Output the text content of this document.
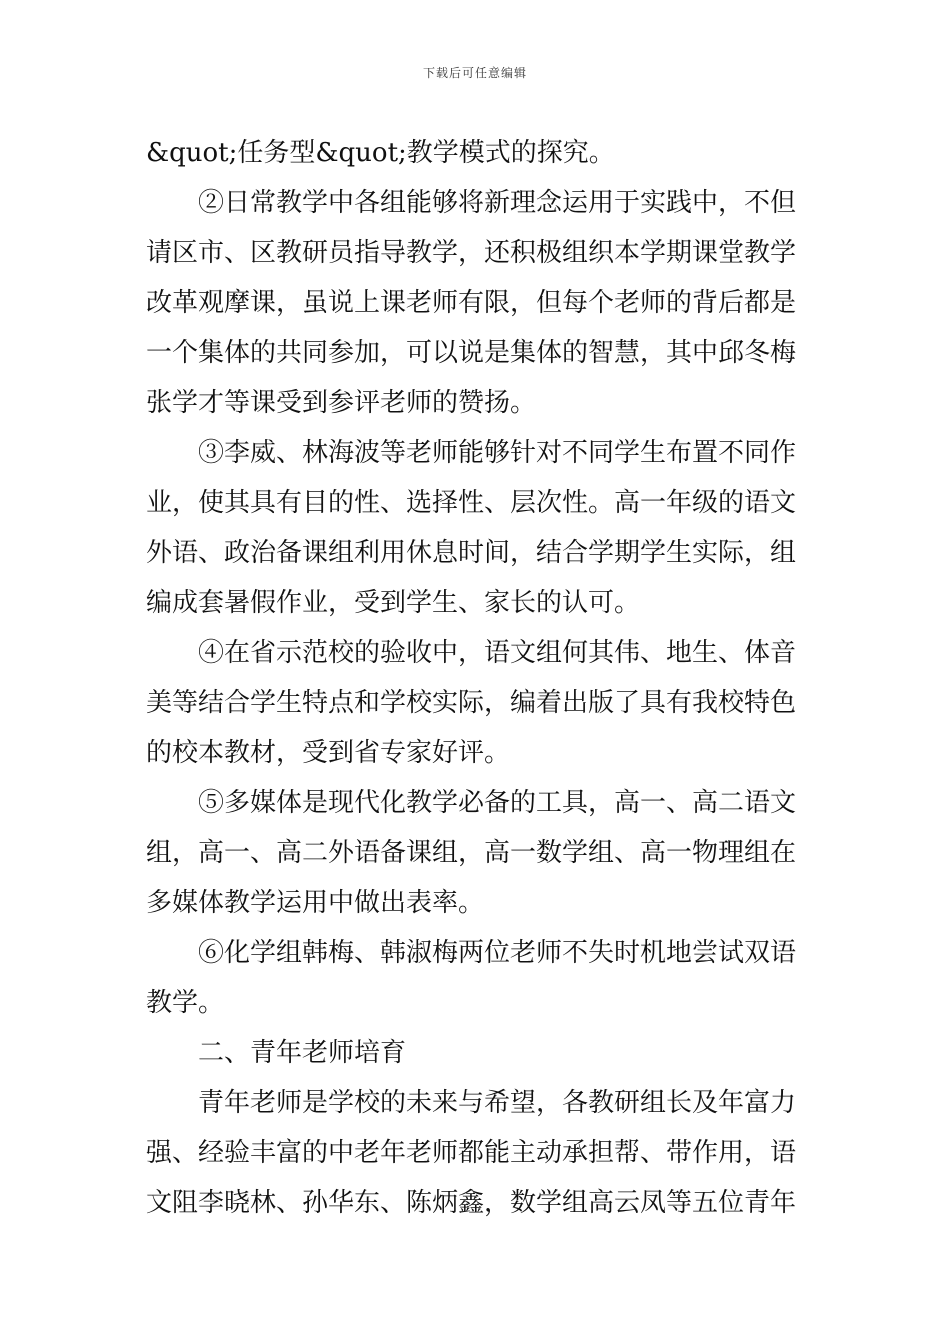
下载后可任意编辑
&quot;任务型&quot;教学模式的探究。
②日常教学中各组能够将新理念运用于实践中，不但
请区市、区教研员指导教学，还积极组织本学期课堂教学
改革观摩课，虽说上课老师有限，但每个老师的背后都是
一个集体的共同参加，可以说是集体的智慧，其中邱冬梅
张学才等课受到参评老师的赞扬。
③李威、林海波等老师能够针对不同学生布置不同作
业，使其具有目的性、选择性、层次性。高一年级的语文
外语、政治备课组利用休息时间，结合学期学生实际，组
编成套暑假作业，受到学生、家长的认可。
④在省示范校的验收中，语文组何其伟、地生、体音
美等结合学生特点和学校实际，编着出版了具有我校特色
的校本教材，受到省专家好评。
⑤多媒体是现代化教学必备的工具，高一、高二语文
组，高一、高二外语备课组，高一数学组、高一物理组在
多媒体教学运用中做出表率。
⑥化学组韩梅、韩淑梅两位老师不失时机地尝试双语
教学。
二、青年老师培育
青年老师是学校的未来与希望，各教研组长及年富力
强、经验丰富的中老年老师都能主动承担帮、带作用，语
文阻李晓林、孙华东、陈炳鑫，数学组高云凤等五位青年
